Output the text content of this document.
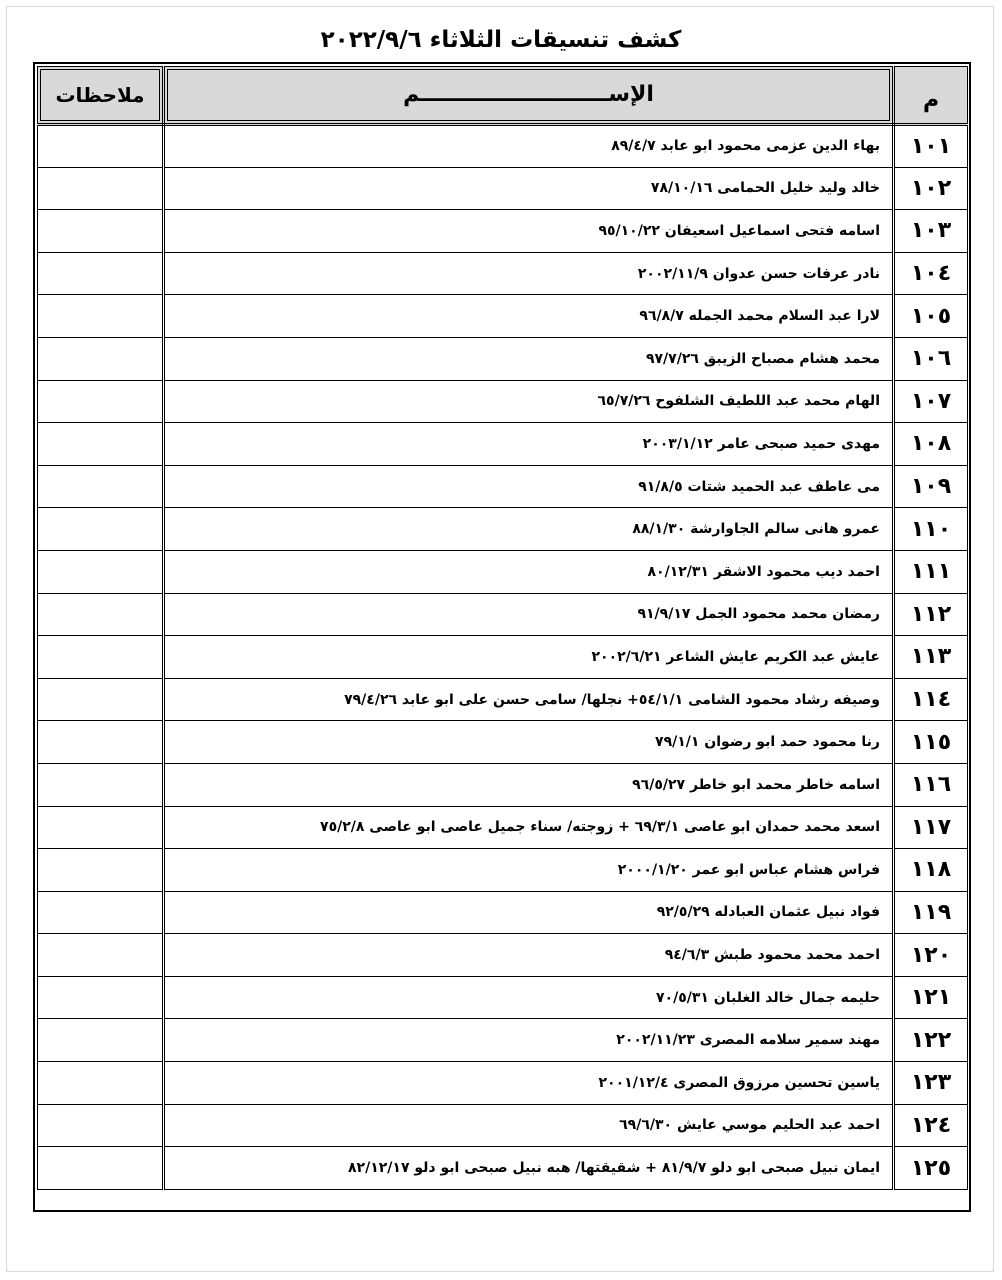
كشف تنسيقات الثلاثاء ٢٠٢٢/٩/٦
م	الإســـــــــــــــــــــــــم	ملاحظات

١٠١	بهاء الدين عزمى محمود ابو عابد ٨٩/٤/٧	
١٠٢	خالد وليد خليل الحمامى ٧٨/١٠/١٦	
١٠٣	اسامه فتحى اسماعيل اسعيفان ٩٥/١٠/٢٢	
١٠٤	نادر عرفات حسن عدوان ٢٠٠٢/١١/٩	
١٠٥	لارا عبد السلام محمد الجمله ٩٦/٨/٧	
١٠٦	محمد هشام مصباح الزيبق ٩٧/٧/٢٦	
١٠٧	الهام محمد عبد اللطيف الشلفوح ٦٥/٧/٢٦	
١٠٨	مهدى حميد صبحى عامر ٢٠٠٣/١/١٢	
١٠٩	مى عاطف عبد الحميد شتات ٩١/٨/٥	
١١٠	عمرو هانى سالم الجاوارشة ٨٨/١/٣٠	
١١١	احمد ديب محمود الاشقر ٨٠/١٢/٣١	
١١٢	رمضان محمد محمود الجمل ٩١/٩/١٧	
١١٣	عايش عبد الكريم عايش الشاعر ٢٠٠٢/٦/٢١	
١١٤	وصيفه رشاد محمود الشامى ٥٤/١/١+ نجلها/ سامى حسن على ابو عابد ٧٩/٤/٢٦	
١١٥	رنا محمود حمد ابو رضوان ٧٩/١/١	
١١٦	اسامه خاطر محمد ابو خاطر ٩٦/٥/٢٧	
١١٧	اسعد محمد حمدان ابو عاصى ٦٩/٣/١ + زوجته/ سناء جميل عاصى ابو عاصى ٧٥/٢/٨	
١١٨	فراس هشام عباس ابو عمر ٢٠٠٠/١/٢٠	
١١٩	فواد نبيل عثمان العبادله ٩٢/٥/٢٩	
١٢٠	احمد محمد محمود طبش ٩٤/٦/٣	
١٢١	حليمه جمال خالد الغلبان ٧٠/٥/٣١	
١٢٢	مهند سمير سلامه المصرى ٢٠٠٢/١١/٢٣	
١٢٣	ياسين تحسين مرزوق المصرى ٢٠٠١/١٢/٤	
١٢٤	احمد عبد الحليم موسي عايش ٦٩/٦/٣٠	
١٢٥	ايمان نبيل صبحى ابو دلو ٨١/٩/٧ + شقيقتها/ هبه نبيل صبحى ابو دلو ٨٢/١٢/١٧	
